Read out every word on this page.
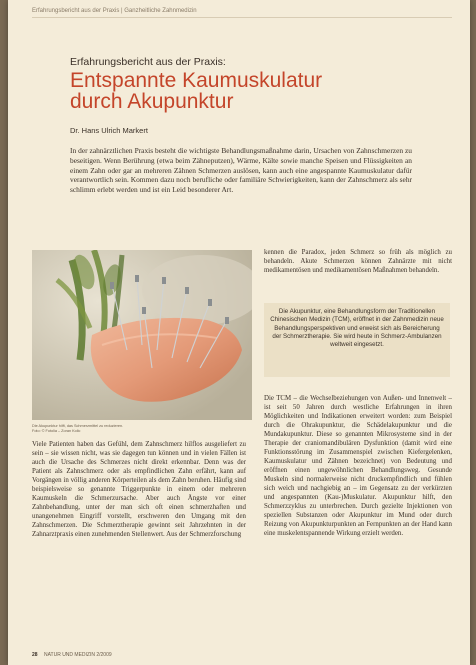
Erfahrungsbericht aus der Praxis | Ganzheitliche Zahnmedizin
Erfahrungsbericht aus der Praxis:
Entspannte Kaumuskulatur
durch Akupunktur
Dr. Hans Ulrich Markert

In der zahnärztlichen Praxis besteht die wichtigste Behandlungsmaßnahme darin, Ursachen von Zahnschmerzen zu beseitigen. Wenn Berührung (etwa beim Zähneputzen), Wärme, Kälte sowie manche Speisen und Flüssigkeiten an einem Zahn oder gar an mehreren Zähnen Schmerzen auslösen, kann auch eine angespannte Kaumuskulatur dafür verantwortlich sein. Kommen dazu noch berufliche oder familiäre Schwierigkeiten, kann der Zahnschmerz als sehr schlimm erlebt werden und ist ein Leid besonderer Art.

Die Akupunktur hilft, das Schmerzmittel zu reduzieren.
Foto: © Fotolia – Zoran Kolic

Viele Patienten haben das Gefühl, dem Zahnschmerz hilflos ausgeliefert zu sein – sie wissen nicht, was sie dagegen tun können und in vielen Fällen ist auch die Ursache des Schmerzes nicht direkt erkennbar. Denn was der Patient als Zahnschmerz oder als empfindlichen Zahn erfährt, kann auf Vorgängen in völlig anderen Körperteilen als dem Zahn beruhen. Häufig sind beispielsweise so genannte Triggerpunkte in einem oder mehreren Kaumuskeln die Schmerzursache. Aber auch Ängste vor einer Zahnbehandlung, unter der man sich oft einen schmerzhaften und unangenehmen Eingriff vorstellt, erschweren den Umgang mit den Zahnschmerzen. Die Schmerztherapie gewinnt seit Jahrzehnten in der Zahnarztpraxis einen zunehmenden Stellenwert. Aus der Schmerzforschung

kennen die Paradox, jeden Schmerz so früh als möglich zu behandeln. Akute Schmerzen können Zahnärzte mit nicht medikamentösen und medikamentösen Maßnahmen behandeln.

Die Akupunktur, eine Behandlungsform der Traditionellen Chinesischen Medizin (TCM), eröffnet in der Zahnmedizin neue Behandlungsperspektiven und erweist sich als Bereicherung der Schmerztherapie. Sie wird heute in Schmerz-Ambulanzen weltweit eingesetzt.

Die TCM – die Wechselbeziehungen von Außen- und Innenwelt – ist seit 50 Jahren durch westliche Erfahrungen in ihren Möglichkeiten und Indikationen erweitert worden: zum Beispiel durch die Ohrakupunktur, die Schädelakupunktur und die Mundakupunktur. Diese so genannten Mikrosysteme sind in der Therapie der craniomandibulären Dysfunktion (damit wird eine Funktionsstörung im Zusammenspiel zwischen Kiefergelenken, Kaumuskulatur und Zähnen bezeichnet) von Bedeutung und eröffnen einen ungewöhnlichen Behandlungsweg. Gesunde Muskeln sind normalerweise nicht druckempfindlich und fühlen sich weich und nachgiebig an – im Gegensatz zu der verkürzten und angespannten (Kau-)Muskulatur. Akupunktur hilft, den Schmerzzyklus zu unterbrechen. Durch gezielte Injektionen von speziellen Substanzen oder Akupunktur im Mund oder durch Reizung von Akupunkturpunkten an Fernpunkten an der Hand kann eine muskelentspannende Wirkung erzielt werden.

28 NATUR UND MEDIZIN 2/2009
